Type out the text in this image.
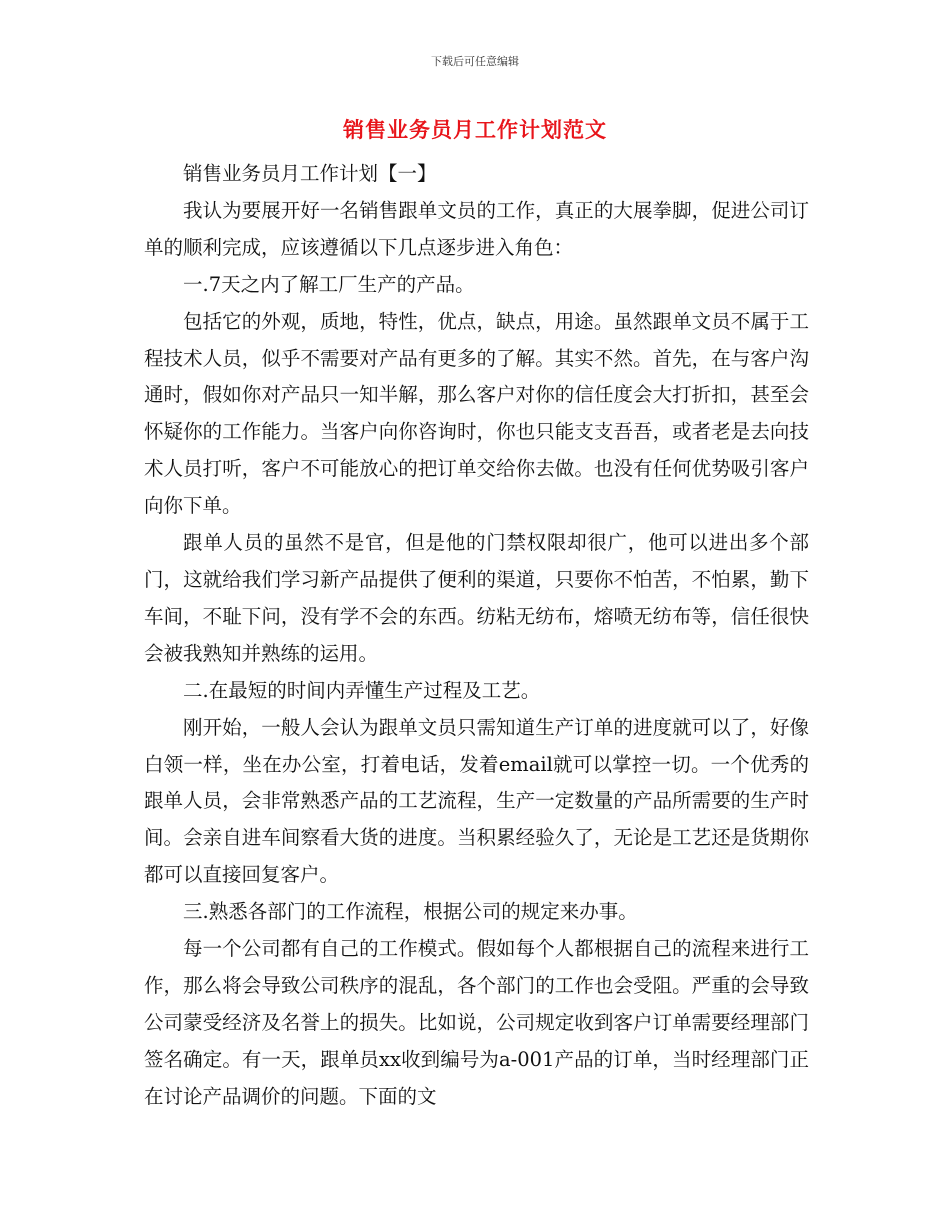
下载后可任意编辑
销售业务员月工作计划范文

销售业务员月工作计划【一】

我认为要展开好一名销售跟单文员的工作，真正的大展拳脚，促进公司订单的顺利完成，应该遵循以下几点逐步进入角色：

一.7天之内了解工厂生产的产品。

包括它的外观，质地，特性，优点，缺点，用途。虽然跟单文员不属于工程技术人员，似乎不需要对产品有更多的了解。其实不然。首先，在与客户沟通时，假如你对产品只一知半解，那么客户对你的信任度会大打折扣，甚至会怀疑你的工作能力。当客户向你咨询时，你也只能支支吾吾，或者老是去向技术人员打听，客户不可能放心的把订单交给你去做。也没有任何优势吸引客户向你下单。

跟单人员的虽然不是官，但是他的门禁权限却很广，他可以进出多个部门，这就给我们学习新产品提供了便利的渠道，只要你不怕苦，不怕累，勤下车间，不耻下问，没有学不会的东西。纺粘无纺布，熔喷无纺布等，信任很快会被我熟知并熟练的运用。

二.在最短的时间内弄懂生产过程及工艺。

刚开始，一般人会认为跟单文员只需知道生产订单的进度就可以了，好像白领一样，坐在办公室，打着电话，发着email就可以掌控一切。一个优秀的跟单人员，会非常熟悉产品的工艺流程，生产一定数量的产品所需要的生产时间。会亲自进车间察看大货的进度。当积累经验久了，无论是工艺还是货期你都可以直接回复客户。

三.熟悉各部门的工作流程，根据公司的规定来办事。

每一个公司都有自己的工作模式。假如每个人都根据自己的流程来进行工作，那么将会导致公司秩序的混乱，各个部门的工作也会受阻。严重的会导致公司蒙受经济及名誉上的损失。比如说，公司规定收到客户订单需要经理部门签名确定。有一天，跟单员xx收到编号为a-001产品的订单，当时经理部门正在讨论产品调价的问题。下面的文
